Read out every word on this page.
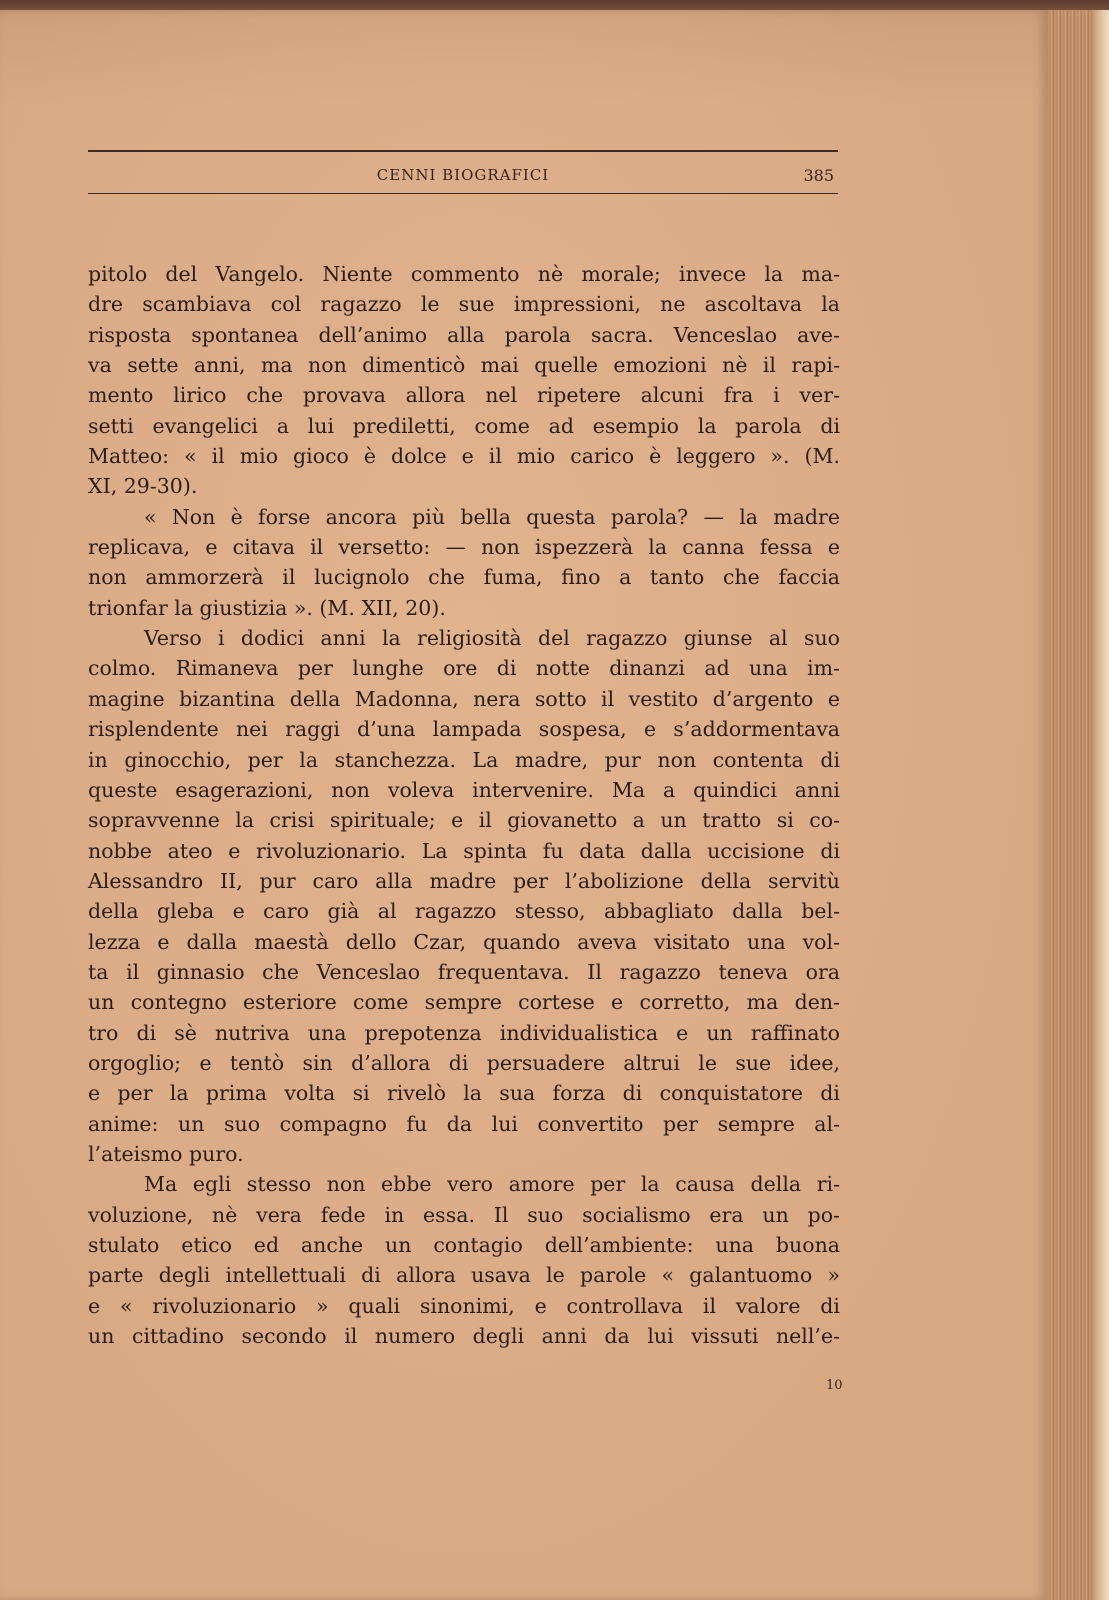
CENNI BIOGRAFICI	385
pitolo del Vangelo. Niente commento nè morale; invece la ma-
dre scambiava col ragazzo le sue impressioni, ne ascoltava la
risposta spontanea dell’animo alla parola sacra. Venceslao ave-
va sette anni, ma non dimenticò mai quelle emozioni nè il rapi-
mento lirico che provava allora nel ripetere alcuni fra i ver-
setti evangelici a lui prediletti, come ad esempio la parola di
Matteo: « il mio gioco è dolce e il mio carico è leggero ». (M.
XI, 29-30).
« Non è forse ancora più bella questa parola? — la madre
replicava, e citava il versetto: — non ispezzerà la canna fessa e
non ammorzerà il lucignolo che fuma, fino a tanto che faccia
trionfar la giustizia ». (M. XII, 20).
Verso i dodici anni la religiosità del ragazzo giunse al suo
colmo. Rimaneva per lunghe ore di notte dinanzi ad una im-
magine bizantina della Madonna, nera sotto il vestito d’argento e
risplendente nei raggi d’una lampada sospesa, e s’addormentava
in ginocchio, per la stanchezza. La madre, pur non contenta di
queste esagerazioni, non voleva intervenire. Ma a quindici anni
sopravvenne la crisi spirituale; e il giovanetto a un tratto si co-
nobbe ateo e rivoluzionario. La spinta fu data dalla uccisione di
Alessandro II, pur caro alla madre per l’abolizione della servitù
della gleba e caro già al ragazzo stesso, abbagliato dalla bel-
lezza e dalla maestà dello Czar, quando aveva visitato una vol-
ta il ginnasio che Venceslao frequentava. Il ragazzo teneva ora
un contegno esteriore come sempre cortese e corretto, ma den-
tro di sè nutriva una prepotenza individualistica e un raffinato
orgoglio; e tentò sin d’allora di persuadere altrui le sue idee,
e per la prima volta si rivelò la sua forza di conquistatore di
anime: un suo compagno fu da lui convertito per sempre al-
l’ateismo puro.
Ma egli stesso non ebbe vero amore per la causa della ri-
voluzione, nè vera fede in essa. Il suo socialismo era un po-
stulato etico ed anche un contagio dell’ambiente: una buona
parte degli intellettuali di allora usava le parole « galantuomo »
e « rivoluzionario » quali sinonimi, e controllava il valore di
un cittadino secondo il numero degli anni da lui vissuti nell’e-
10
